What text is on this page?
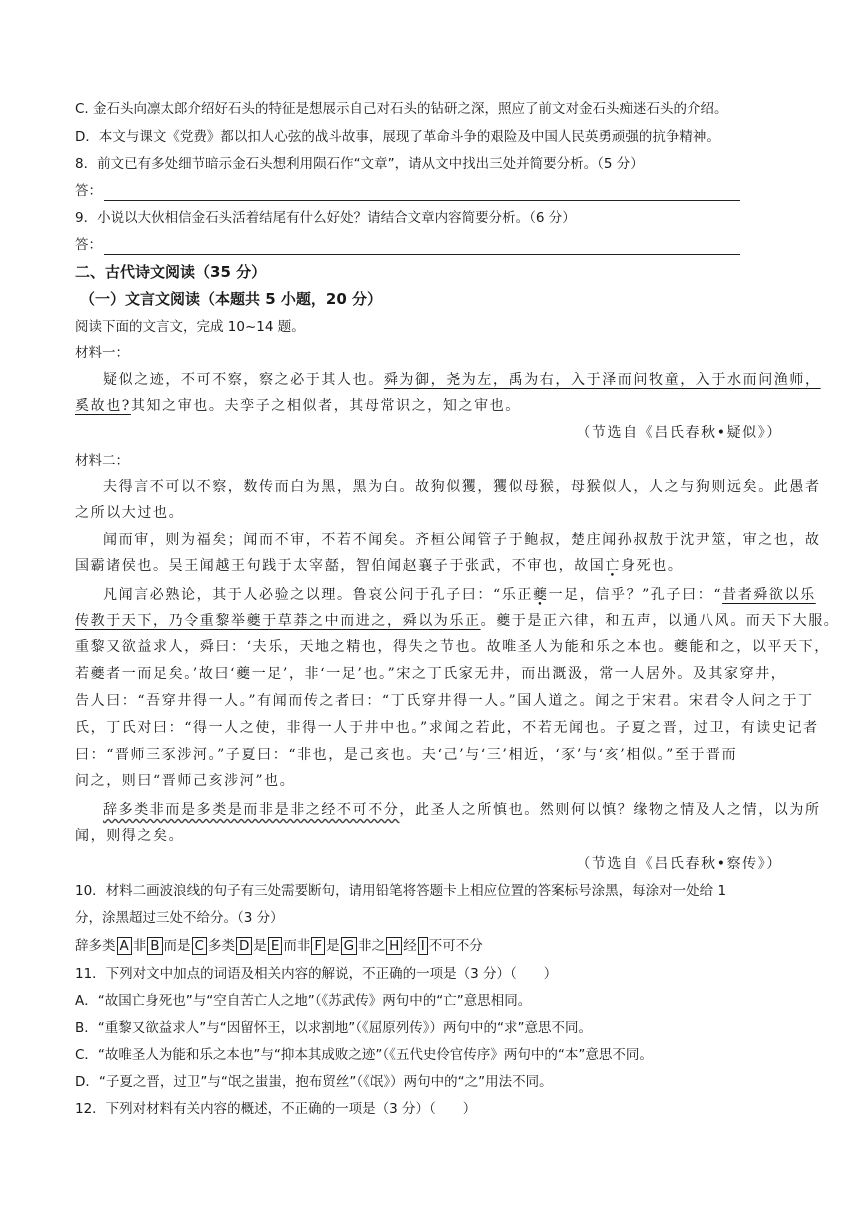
C. 金石头向凛太郎介绍好石头的特征是想展示自己对石头的钻研之深，照应了前文对金石头痴迷石头的介绍。
D．本文与课文《党费》都以扣人心弦的战斗故事，展现了革命斗争的艰险及中国人民英勇顽强的抗争精神。
8．前文已有多处细节暗示金石头想利用陨石作“文章”，请从文中找出三处并简要分析。（5 分）
答：
9．小说以大伙相信金石头活着结尾有什么好处？请结合文章内容简要分析。（6 分）
答：
二、古代诗文阅读（35 分）
（一）文言文阅读（本题共 5 小题，20 分）
阅读下面的文言文，完成 10~14 题。
材料一：
疑似之迹，不可不察，察之必于其人也。舜为御，尧为左，禹为右，入于泽而问牧童，入于水而问渔师，
奚故也?其知之审也。夫孪子之相似者，其母常识之，知之审也。
（节选自《吕氏春秋•疑似》）
材料二：
夫得言不可以不察，数传而白为黑，黑为白。故狗似玃，玃似母猴，母猴似人，人之与狗则远矣。此愚者
之所以大过也。
闻而审，则为福矣；闻而不审，不若不闻矣。齐桓公闻管子于鲍叔，楚庄闻孙叔敖于沈尹筮，审之也，故
国霸诸侯也。吴王闻越王句践于太宰嚭，智伯闻赵襄子于张武，不审也，故国亡身死也。
凡闻言必熟论，其于人必验之以理。鲁哀公问于孔子曰：“乐正夔一足，信乎？”孔子曰：“昔者舜欲以乐
传教于天下，乃令重黎举夔于草莽之中而进之，舜以为乐正。夔于是正六律，和五声，以通八风。而天下大服。
重黎又欲益求人，舜曰：‘夫乐，天地之精也，得失之节也。故唯圣人为能和乐之本也。夔能和之，以平天下，
若夔者一而足矣。’故曰‘夔一足’，非‘一足’也。”宋之丁氏家无井，而出溉汲，常一人居外。及其家穿井，
告人曰：“吾穿井得一人。”有闻而传之者曰：“丁氏穿井得一人。”国人道之。闻之于宋君。宋君令人问之于丁
氏，丁氏对曰：“得一人之使，非得一人于井中也。”求闻之若此，不若无闻也。子夏之晋，过卫，有读史记者
曰：“晋师三豕涉河。”子夏曰：“非也，是己亥也。夫‘己’与‘三’相近，‘豕’与‘亥’相似。”至于晋而
问之，则曰“晋师己亥涉河”也。
辞多类非而是多类是而非是非之经不可不分，此圣人之所慎也。然则何以慎？缘物之情及人之情，以为所
闻，则得之矣。
（节选自《吕氏春秋•察传》）
10．材料二画波浪线的句子有三处需要断句，请用铅笔将答题卡上相应位置的答案标号涂黑，每涂对一处给 1
分，涂黑超过三处不给分。（3 分）
辞多类 A 非 B 而是 C 多类 D 是 E 而非 F 是 G 非之 H 经 I 不可不分
11．下列对文中加点的词语及相关内容的解说，不正确的一项是（3 分）（　　）
A．“故国亡身死也”与“空自苦亡人之地”（《苏武传》两句中的“亡”意思相同。
B．“重黎又欲益求人”与“因留怀王，以求割地”（《屈原列传》）两句中的“求”意思不同。
C．“故唯圣人为能和乐之本也”与“抑本其成败之迹”（《五代史伶官传序》两句中的“本”意思不同。
D．“子夏之晋，过卫”与“氓之蚩蚩，抱布贸丝”（《氓》）两句中的“之”用法不同。
12．下列对材料有关内容的概述，不正确的一项是（3 分）（　　）
